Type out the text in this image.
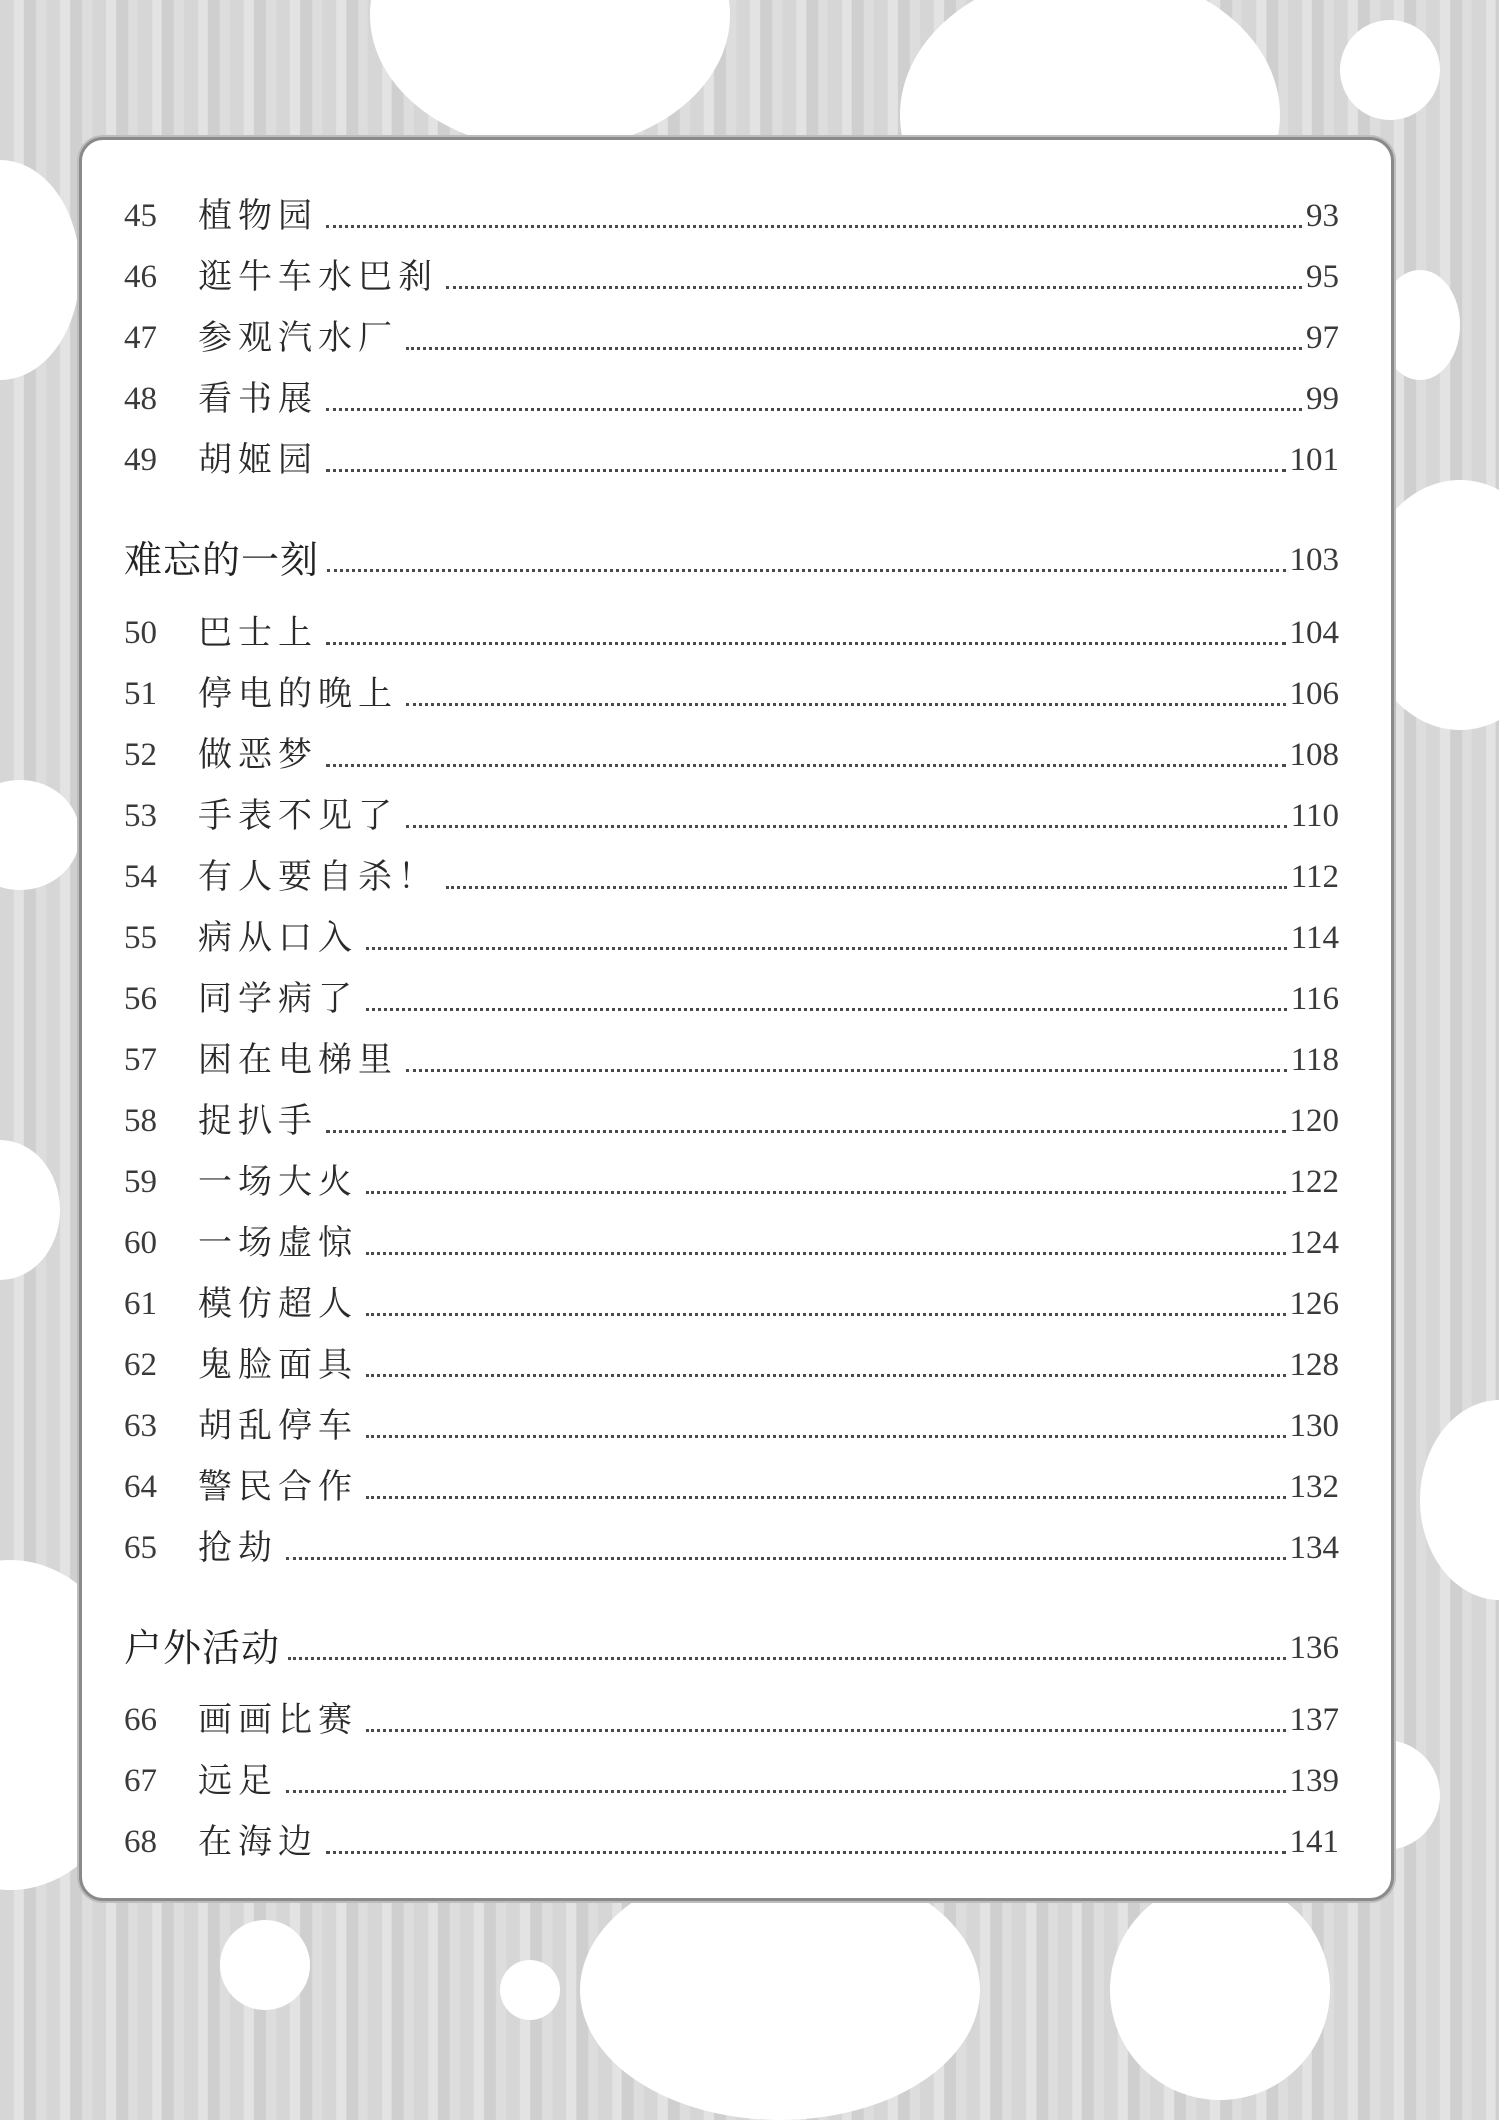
45	植物园	93
46	逛牛车水巴刹	95
47	参观汽水厂	97
48	看书展	99
49	胡姬园	101
难忘的一刻	103
50	巴士上	104
51	停电的晚上	106
52	做恶梦	108
53	手表不见了	110
54	有人要自杀！	112
55	病从口入	114
56	同学病了	116
57	困在电梯里	118
58	捉扒手	120
59	一场大火	122
60	一场虚惊	124
61	模仿超人	126
62	鬼脸面具	128
63	胡乱停车	130
64	警民合作	132
65	抢劫	134
户外活动	136
66	画画比赛	137
67	远足	139
68	在海边	141
